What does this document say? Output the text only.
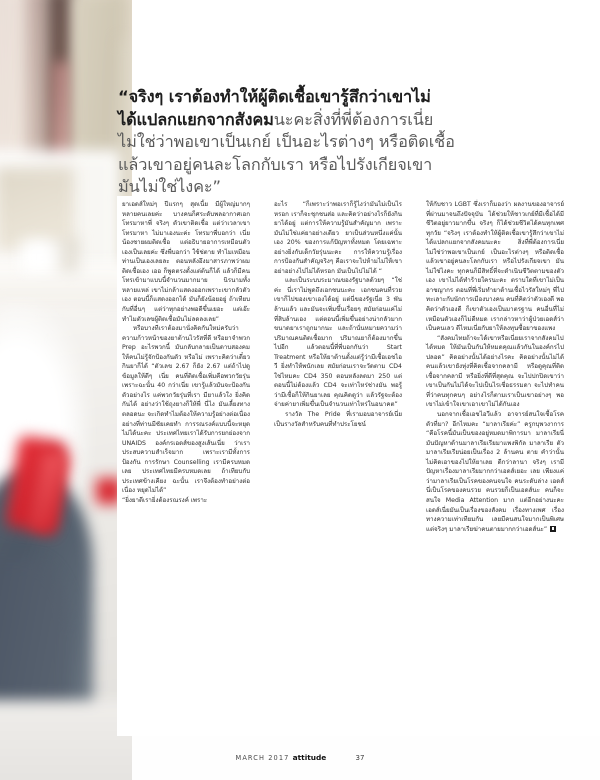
“จริงๆ เราต้องทำให้ผู้ติดเชื้อเขารู้สึกว่าเขาไม่
ได้แปลกแยกจากสังคมนะคะสิ่งที่พี่ต้องการเนี่ย
ไม่ใช่ว่าพอเขาเป็นเกย์ เป็นอะไรต่างๆ หรือติดเชื้อ
แล้วเขาอยู่คนละโลกกับเรา หรือไปรังเกียจเขา
มันไม่ใช่ไงคะ”

ยาเอดส์ใหม่ๆ ปีแรกๆ สุดเนี้ย มีผู้ใหญ่มากๆ หลายคนเลยค่ะ บางคนก็ศระดับพลอากาศเอก โทรมาหาพี่ จริงๆ ตัวเขาติดเชื้อ แต่ว่าเวลาเขาโทรมาหา ไม่มาเองนะค่ะ โทรมาพี่บอกว่า เนี่ยน้องชายผมติดเชื้อ แต่อธิบายอาการเหมือนตัวเองเป็นเลยค่ะ ซึ่งพี่บอกว่า ใช้ช่ตาย ทำไมเหมือนท่านเป็นเองเลยละ ตอนหลังอึงมาสารภาพว่าผมติดเชื้อเอง เออ ก็พูดตรงตั้งแต่ต้นก็ได้ แล้วก็มีคนโทรเข้ามาแบบนี้จำนวนมากมาย นิรนามทั้งหลายแหล่ เขาไม่กล้าแสดงออกเพราะเขากลัวตัวเอง ตอนนี้ก็แสดงออกได้ มันก็ยังน้อยอยู่ ถ้าเทียบกับที่อื่นๆ แต่ว่าทุกอย่างพอดีขึ้นเยอะ แต่เอ๊ะ ทำไมตัวเลขผู้ติดเชื้อมันไม่ลดลงเลย”

หรือบางทีเราต้องมานั่งคิดกันใหม่ครับว่า ความก้าวหน้าของยาต้านไวรัสที่ดี หรือยาจำพวก Prep อะไรพวกนี้ มันกลับกลายเป็นดาบสองคมให้คนไม่รู้จักป้องกันตัว หรือไม่ เพราะคิดว่าเดี๋ยวกินยาก็ได้ “ตัวเลข 2.67 ก็ยัง 2.67 แต่ถ้าไปดูข้อมูลให้ดีๆ เนี่ย คนที่ติดเชื้อเพิ่มคือพวกวัยรุ่น เพราะฉะนั้น 40 กว่าเนี่ย เขารู้แล้วมันจะป้องกันตัวอย่างไร แค่พวกวัยรุ่นที่เรา มียาแล้วใง ยิ่งคิดกันได้ อย่างว่าใช้ถุงยางก็ให้พี่ นี่ไง มันเลี้ยงทางตลอดนะ จะเกิดทำไมต้องให้ความรู้อย่างต่อเนื่อง อย่างที่ท่านมีชัยเคยทำ การรณรงค์แบบนี้จะหยุดไม่ได้นะคะ ประเทศไทยเราได้รับการยกย่องจาก UNAIDS องค์กรเอดส์ของสูงเส้นเนี่ย ว่าเราประสบความสำเร็จมาก เพราะเรามีทั้งการป้องกัน การรักษา Counselling เรามีครบหมดเลย ประเทศไทยมีครบหมดเลย ถ้าเทียบกับประเทศข้างเคียง ฉะนั้น เราจึงต้องทำอย่างต่อเนื่อง หยุดไม่ได้”

“ยิ่งยาดีเรายิ่งต้องรณรงค์ เพราะ

อะไร “ก็เพราะว่าพอเราก็รู้ไงว่ามันไม่เป็นไรหรอก เราก็จะชุกชนส่อ และคิดว่าอย่างไรก็ยังกินยาได้อยู่ แต่การให้ความรู้มันสำคัญมาก เพราะมันไม่ใช่แค่ยาอย่างเดียว ยาเป็นส่วนหนึ่งแค่นั้นเอง 20% ของการแก้ปัญหาทั้งหมด โดยเฉพาะอย่างยิ่งกับเด็กวัยรุ่นนะคะ การให้ความรู้เรื่องการป้องกันสำคัญจริงๆ คือเราจะไปห้ามไม่ให้เขาอย่าอย่างไปไม่ได้หรอก มันเป็นไปไม่ได้ “

และเป็นระบบระมาณของรัฐบาลด้วยๆ “ใช่ค่ะ นี่เราไม่พูดถึงเอกชนนะคะ เอกชนคนที่รวยเขาก็ไปของเขาเองได้อยู่ แต่นี่ของรัฐเนี่ย 3 พันล้านแล้ว และมันจะเพิ่มขึ้นเรื่อยๆ สมัยก่อนแค่ไม่ที่สิบล้านเอง แต่ตอนนี้เพิ่มขึ้นอย่างน่ากลัวมาก ขนาดยาเราถูกมากนะ และถ้านั่นหมายความว่า ปริมาณคนติดเชื้อมาก ปริมาณยาก็ต้องมากขึ้นไปอีก แล้วตอนนี้ที่พี่บอกกันว่า Start Treatment หรือให้ยาต้านตั้งแต่รู้ว่ามีเชื้อเอชไอวี ยิ่งทำให้พนักเลย สมัยก่อนเราจะวัดตาม CD4 ใช่ไหมคะ CD4 350 ตอนหลังลดมา 250 แต่ตอนนี้ไม่ต้องแล้ว CD4 จะเท่าไหร่ช่างมัน พอรู้ว่ามีเชื้อก็ให้กินยาเลย คุณคิดดูว่า แล้วรัฐจะต้องจ่ายค่ายาเพิ่มขึ้นเป็นจำนวนเท่าไหร่ในอนาคต”

รางวัล The Pride ที่เรามอบอาจารย์เนี่ย เป็นรางวัลสำหรับคนที่ทำประโยชน์

ให้กับชาว LGBT ซึ่งเราก็มองว่า ผลงานของอาจารย์ที่ผ่านมาจนถึงปัจจุบัน ได้ช่วยให้ชาวเกย์ที่มีเชื้อได้มีชีวิตอยู่ยาวมากขึ้น จริงๆ ก็ได้ช่วยชีวิตได้คนทุกเพศทุกวัย “จริงๆ เราต้องทำให้ผู้ติดเชื้อเขารู้สึกว่าเขาไม่ได้แปลกแยกจากสังคมนะคะ สิ่งที่พี่ต้องการเนี่ย ไม่ใช่ว่าพอเขาเป็นเกย์ เป็นอะไรต่างๆ หรือติดเชื้อแล้วเขาอยู่คนละโลกกับเรา หรือไปรังเกียจเขา มันไม่ใช่ไงคะ ทุกคนก็มีสิทธิ์ที่จะดำเนินชีวิตตามของตัวเอง เขาไม่ได้ทำร้ายใครนะคะ ตราบใดที่เขาไม่เป็นอาชญากร ตอนที่พี่เริ่มทำยาต้านเชื้อไวรัสใหม่ๆ พี่ไปทะเลาะกับนักการเมืองบางคน คนที่คิดว่าตัวเองดี พอคิดว่าตัวเองดี ก็เขาตัวเองเป็นมาตรฐาน คนอื่นที่ไม่เหมือนตัวเองก็ไม่ดีหมด เรากล่าวหาว่าผู้ป่วยเอดส์ว่าเป็นคนเลว ดีไหมเนี่ยกับยาให้ลงทุนซื้อยาของแพง

“สังคมไทยถ้าจะได้เขาหรือเนี่ยยเราจากสังคมไปได้หมด ให้มันเป็นกันให้หมดคุณแล้วกันในองค์กรไปปลอด” คิดอย่างนั้นได้อย่างไรคะ คิดอย่างนั้นไม่ได้คนแล้วเขายังทุ่งที่คิดเชื้อจากคลามี หรือดูคุณที่ติดเชื้อจากคลามี หรือยิ่งที่ดีที่สุดคุณ จะไปปกปิดเขาว่า เขาเป็นกันไม่ได้จะไปเป็นไรเชื่อธรรมดา จะไปทำคนที่ว่าคนทุกคนๆ อย่างไรก็ตามเราเป็นเขาอย่างๆ พอเขาไม่เข้าใจเขาเอาเขาไม่ได้กันเอง

นอกจากเชื้อเอชไอวีแล้ว อาจารย์สนใจเชื้อโรคตัวที่มา? อีกไหมคะ “มาลาเรียค่ะ” ครูกบุพวงาการ “คือโรคนี้มันเป็นของอยู่หมดมาพิการมา มาลาเรียนี่มันปัญหาด้านมาลาเรียเรียมาแพงพิกัล มาลาเรีย ตัวมาลาเรียเรียน่อยเป็นเรื่อง 2 ล้านคน ตาย คำว่านั้นไม่คิดเอาของไปให้ยาเลย ดีกว่าลานา จริงๆ เรามีปัญหาเรื่องมาลาเรียมากกว่าเอดส์เยอะ เลย เพียงแค่ว่ามาลาเรียเป็นโรคของคนจนใจ คนระดับล่าง เอดส์นี่เป็นโรคของคนรวย คนรวยก็เป็นเอดส์นะ คนก็จะสนใจ Media Attention มาก แต่อีกอย่างนะคะ เอดส์เนี่ยมันเป็นเรื่องของสังคม เรื่องทางเพศ เรื่องทางความเท่าเทียมกัน เลยมีคนสนใจมากเป็นพิเศษ แต่จริงๆ มาลาเรียฆ่าคนตายมากกว่าเอดส์นะ”

MARCH 2017 attitude	37
